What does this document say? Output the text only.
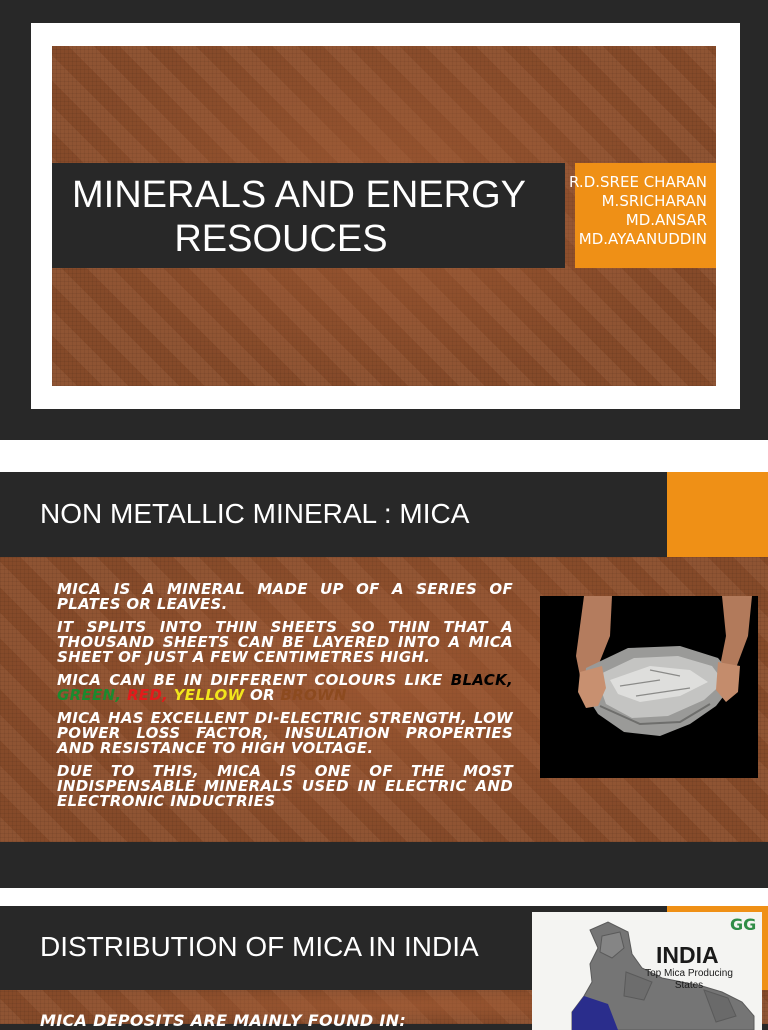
MINERALS AND ENERGY
RESOUCES
R.D.SREE CHARAN
M.SRICHARAN
MD.ANSAR
MD.AYAANUDDIN
NON METALLIC MINERAL : MICA

MICA IS A MINERAL MADE UP OF A SERIES OF PLATES OR LEAVES.

IT SPLITS INTO THIN SHEETS SO THIN THAT A THOUSAND SHEETS CAN BE LAYERED INTO A MICA SHEET OF JUST A FEW CENTIMETRES HIGH.

MICA CAN BE IN DIFFERENT COLOURS LIKE BLACK, GREEN, RED, YELLOW OR BROWN

MICA HAS EXCELLENT DI-ELECTRIC STRENGTH, LOW POWER LOSS FACTOR, INSULATION PROPERTIES AND RESISTANCE TO HIGH VOLTAGE.

DUE TO THIS, MICA IS ONE OF THE MOST INDISPENSABLE MINERALS USED IN ELECTRIC AND ELECTRONIC INDUCTRIES

DISTRIBUTION OF MICA IN INDIA
MICA DEPOSITS ARE MAINLY FOUND IN:
GG
INDIA
Top Mica Producing
States
